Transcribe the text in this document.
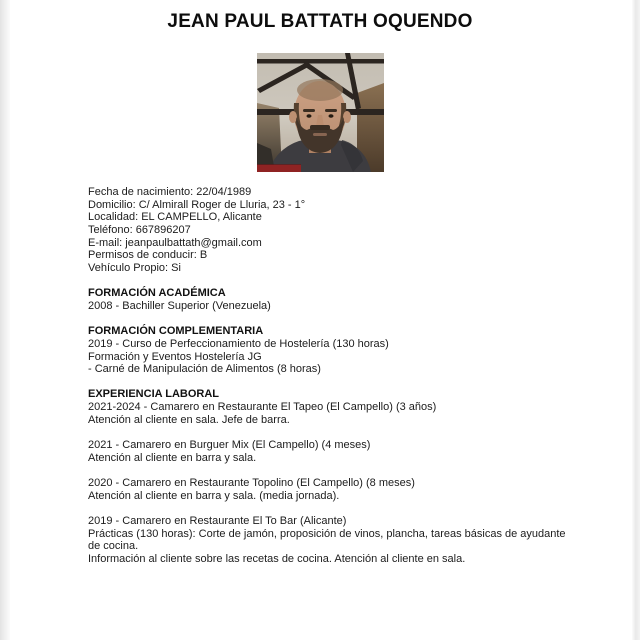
JEAN PAUL BATTATH OQUENDO
Fecha de nacimiento: 22/04/1989
Domicilio: C/ Almirall Roger de Lluria, 23 - 1°
Localidad: EL CAMPELLO, Alicante
Teléfono: 667896207
E-mail: jeanpaulbattath@gmail.com
Permisos de conducir: B
Vehículo Propio: Si
FORMACIÓN ACADÉMICA
2008 - Bachiller Superior (Venezuela)
FORMACIÓN COMPLEMENTARIA
2019 - Curso de Perfeccionamiento de Hostelería (130 horas)
Formación y Eventos Hostelería JG
- Carné de Manipulación de Alimentos (8 horas)
EXPERIENCIA LABORAL
2021-2024 - Camarero en Restaurante El Tapeo (El Campello) (3 años)
Atención al cliente en sala. Jefe de barra.
2021 - Camarero en Burguer Mix (El Campello) (4 meses)
Atención al cliente en barra y sala.
2020 - Camarero en Restaurante Topolino (El Campello) (8 meses)
Atención al cliente en barra y sala. (media jornada).
2019 - Camarero en Restaurante El To Bar (Alicante)
Prácticas (130 horas): Corte de jamón, proposición de vinos, plancha, tareas básicas de ayudante
de cocina.
Información al cliente sobre las recetas de cocina. Atención al cliente en sala.
